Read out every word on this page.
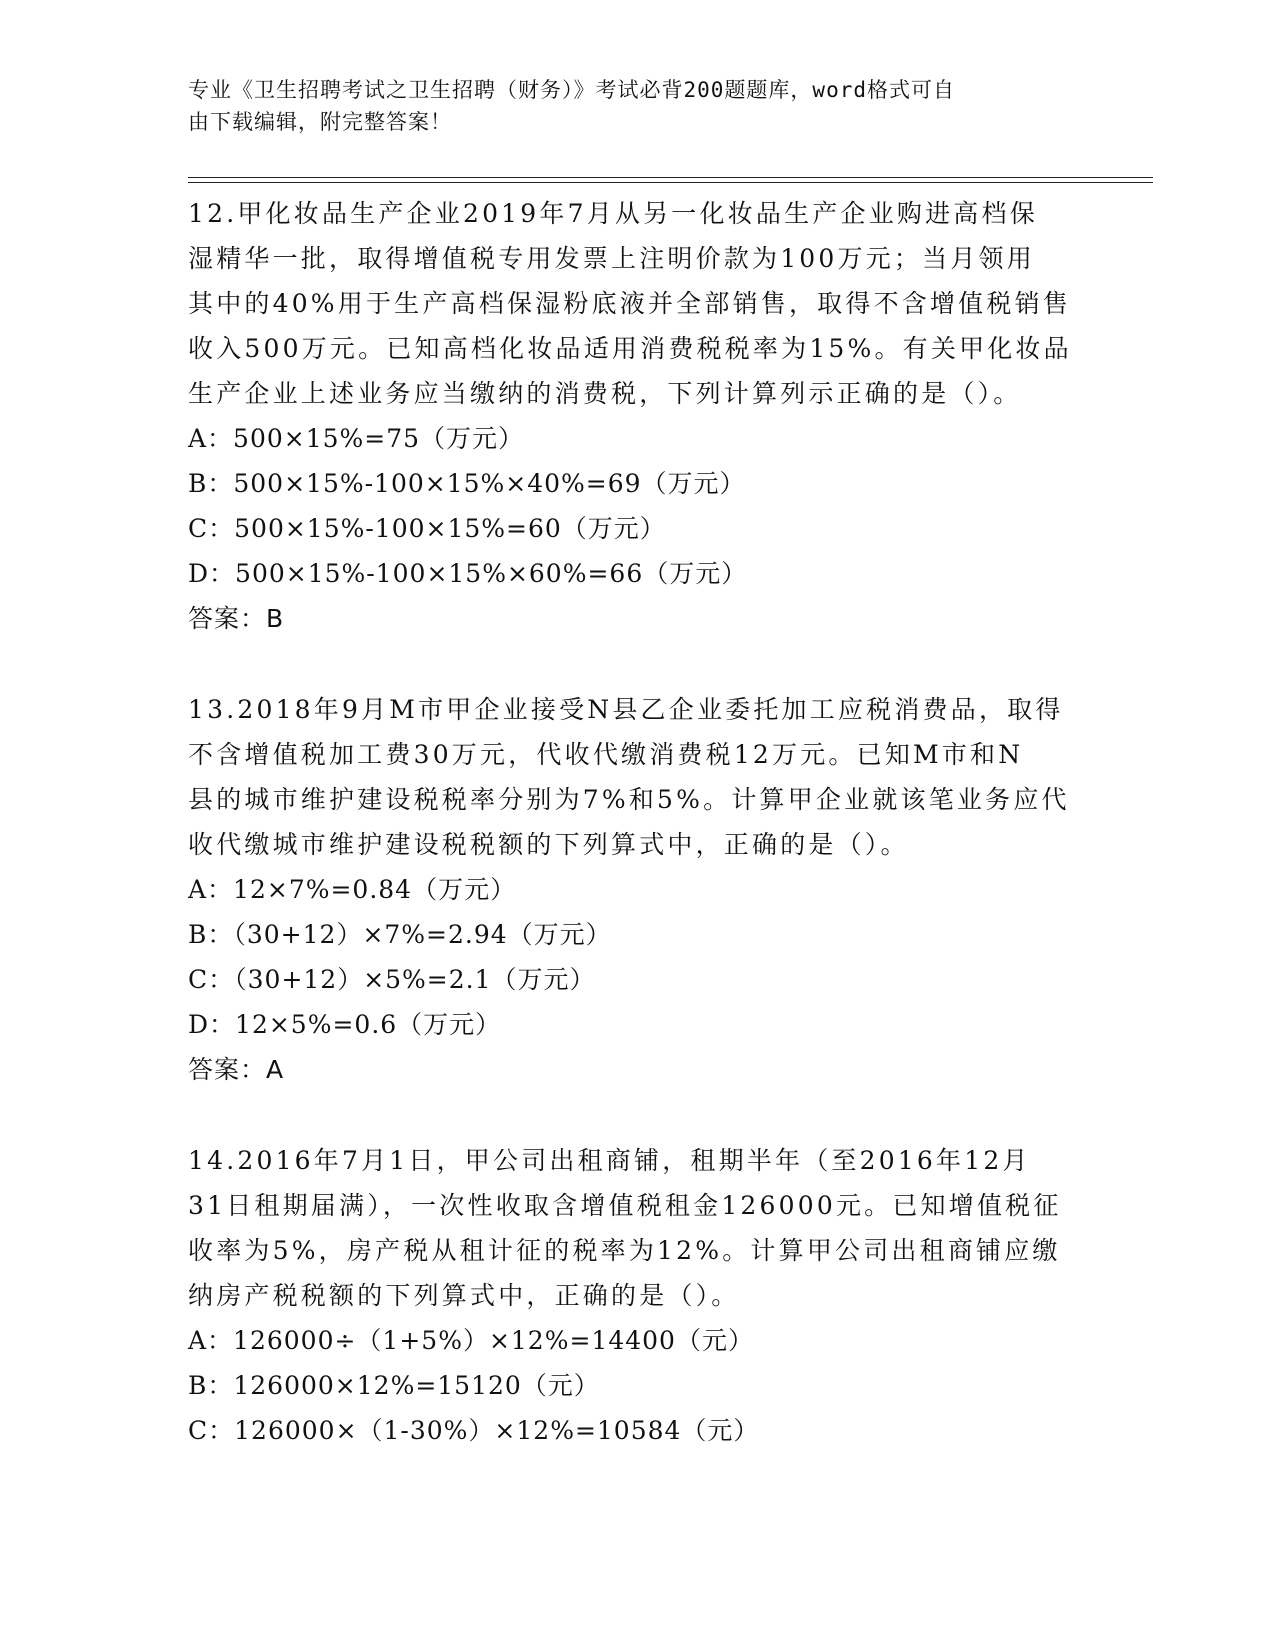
专业《卫生招聘考试之卫生招聘（财务）》考试必背200题题库，word格式可自
由下载编辑，附完整答案！

12.甲化妆品生产企业2019年7月从另一化妆品生产企业购进高档保

湿精华一批，取得增值税专用发票上注明价款为100万元；当月领用

其中的40%用于生产高档保湿粉底液并全部销售，取得不含增值税销售

收入500万元。已知高档化妆品适用消费税税率为15%。有关甲化妆品

生产企业上述业务应当缴纳的消费税，下列计算列示正确的是（）。

A：500×15%=75（万元）

B：500×15%-100×15%×40%=69（万元）

C：500×15%-100×15%=60（万元）

D：500×15%-100×15%×60%=66（万元）

答案：B

13.2018年9月M市甲企业接受N县乙企业委托加工应税消费品，取得

不含增值税加工费30万元，代收代缴消费税12万元。已知M市和N

县的城市维护建设税税率分别为7%和5%。计算甲企业就该笔业务应代

收代缴城市维护建设税税额的下列算式中，正确的是（）。

A：12×7%=0.84（万元）

B：（30+12）×7%=2.94（万元）

C：（30+12）×5%=2.1（万元）

D：12×5%=0.6（万元）

答案：A

14.2016年7月1日，甲公司出租商铺，租期半年（至2016年12月

31日租期届满），一次性收取含增值税租金126000元。已知增值税征

收率为5%，房产税从租计征的税率为12%。计算甲公司出租商铺应缴

纳房产税税额的下列算式中，正确的是（）。

A：126000÷（1+5%）×12%=14400（元）

B：126000×12%=15120（元）

C：126000×（1-30%）×12%=10584（元）
